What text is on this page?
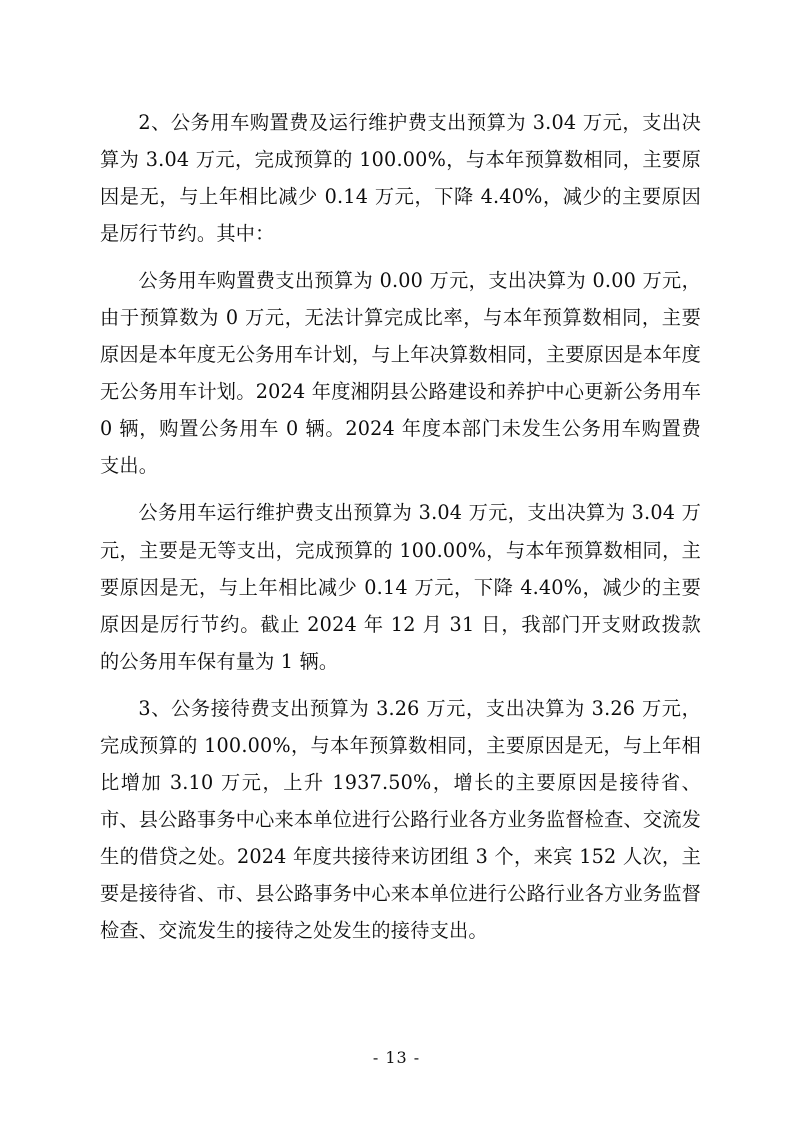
2、公务用车购置费及运行维护费支出预算为 3.04 万元，支出决算为 3.04 万元，完成预算的 100.00%，与本年预算数相同，主要原因是无，与上年相比减少 0.14 万元，下降 4.40%，减少的主要原因是厉行节约。其中：

公务用车购置费支出预算为 0.00 万元，支出决算为 0.00 万元，由于预算数为 0 万元，无法计算完成比率，与本年预算数相同，主要原因是本年度无公务用车计划，与上年决算数相同，主要原因是本年度无公务用车计划。2024 年度湘阴县公路建设和养护中心更新公务用车 0 辆，购置公务用车 0 辆。2024 年度本部门未发生公务用车购置费支出。

公务用车运行维护费支出预算为 3.04 万元，支出决算为 3.04 万元，主要是无等支出，完成预算的 100.00%，与本年预算数相同，主要原因是无，与上年相比减少 0.14 万元，下降 4.40%，减少的主要原因是厉行节约。截止 2024 年 12 月 31 日，我部门开支财政拨款的公务用车保有量为 1 辆。

3、公务接待费支出预算为 3.26 万元，支出决算为 3.26 万元，完成预算的 100.00%，与本年预算数相同，主要原因是无，与上年相比增加 3.10 万元，上升 1937.50%，增长的主要原因是接待省、市、县公路事务中心来本单位进行公路行业各方业务监督检查、交流发生的借贷之处。2024 年度共接待来访团组 3 个，来宾 152 人次，主要是接待省、市、县公路事务中心来本单位进行公路行业各方业务监督检查、交流发生的接待之处发生的接待支出。

- 13 -
